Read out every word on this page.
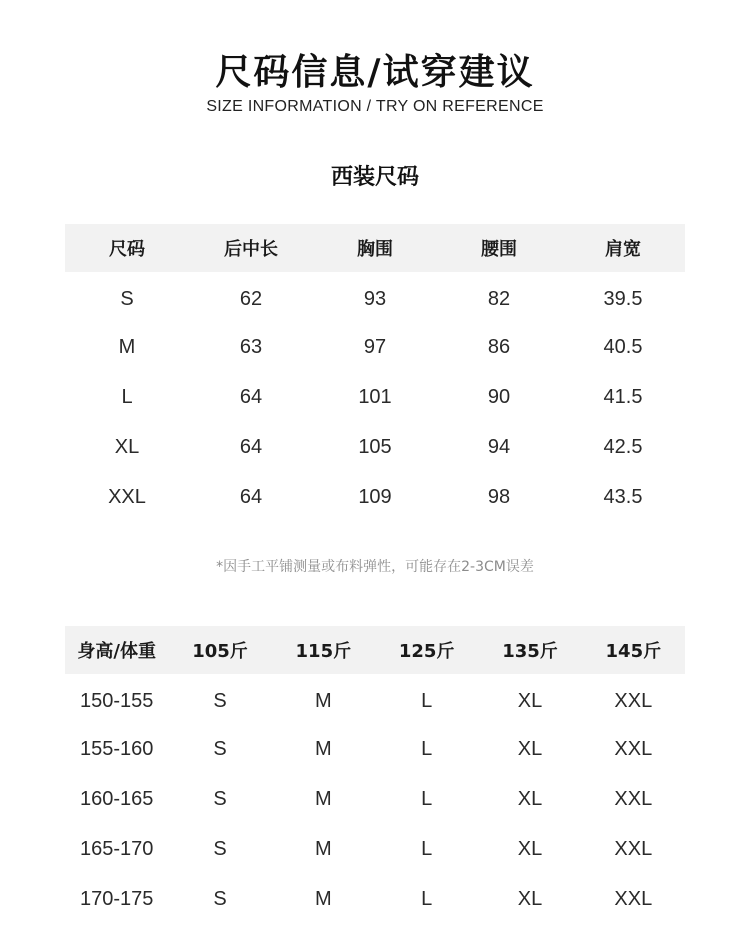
尺码信息/试穿建议
SIZE INFORMATION / TRY ON REFERENCE
西装尺码
尺码	后中长	胸围	腰围	肩宽
S	62	93	82	39.5
M	63	97	86	40.5
L	64	101	90	41.5
XL	64	105	94	42.5
XXL	64	109	98	43.5
*因手工平铺测量或布料弹性，可能存在2-3CM误差
身高/体重	105斤	115斤	125斤	135斤	145斤
150-155	S	M	L	XL	XXL
155-160	S	M	L	XL	XXL
160-165	S	M	L	XL	XXL
165-170	S	M	L	XL	XXL
170-175	S	M	L	XL	XXL
